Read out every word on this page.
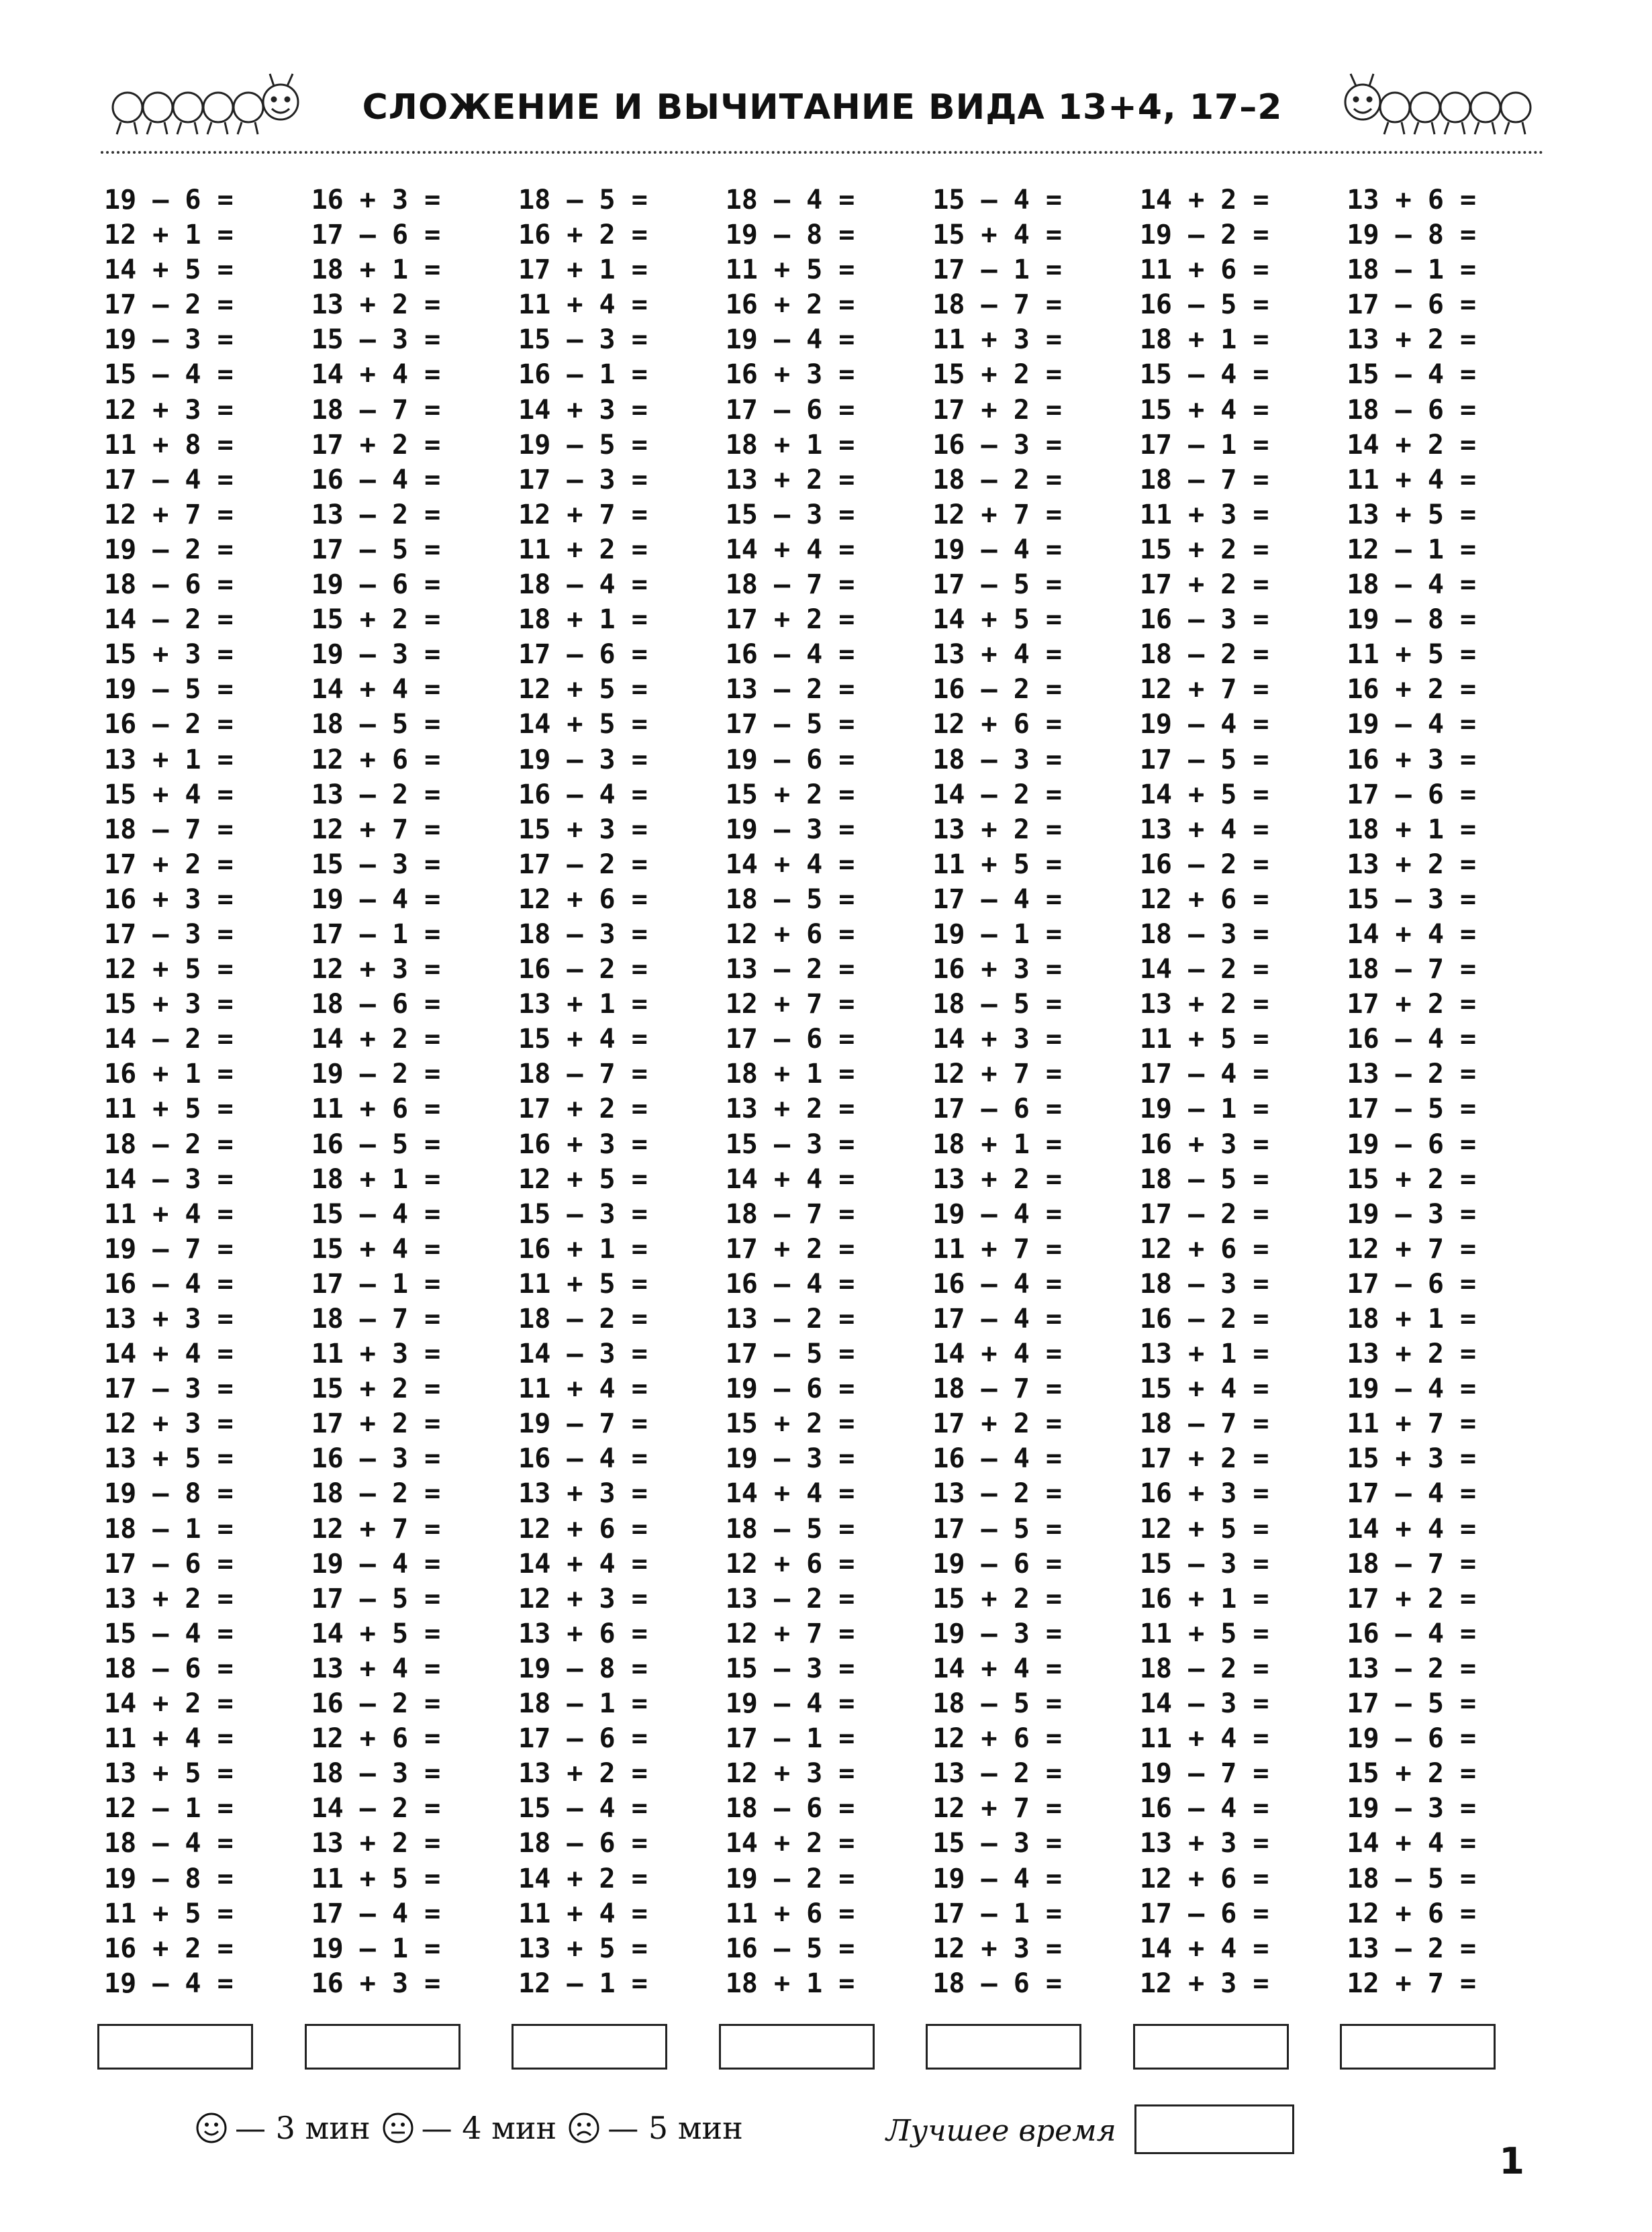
СЛОЖЕНИЕ И ВЫЧИТАНИЕ ВИДА 13+4, 17–2
19 – 6 =
12 + 1 =
14 + 5 =
17 – 2 =
19 – 3 =
15 – 4 =
12 + 3 =
11 + 8 =
17 – 4 =
12 + 7 =
19 – 2 =
18 – 6 =
14 – 2 =
15 + 3 =
19 – 5 =
16 – 2 =
13 + 1 =
15 + 4 =
18 – 7 =
17 + 2 =
16 + 3 =
17 – 3 =
12 + 5 =
15 + 3 =
14 – 2 =
16 + 1 =
11 + 5 =
18 – 2 =
14 – 3 =
11 + 4 =
19 – 7 =
16 – 4 =
13 + 3 =
14 + 4 =
17 – 3 =
12 + 3 =
13 + 5 =
19 – 8 =
18 – 1 =
17 – 6 =
13 + 2 =
15 – 4 =
18 – 6 =
14 + 2 =
11 + 4 =
13 + 5 =
12 – 1 =
18 – 4 =
19 – 8 =
11 + 5 =
16 + 2 =
19 – 4 =
16 + 3 =
17 – 6 =
18 + 1 =
13 + 2 =
15 – 3 =
14 + 4 =
18 – 7 =
17 + 2 =
16 – 4 =
13 – 2 =
17 – 5 =
19 – 6 =
15 + 2 =
19 – 3 =
14 + 4 =
18 – 5 =
12 + 6 =
13 – 2 =
12 + 7 =
15 – 3 =
19 – 4 =
17 – 1 =
12 + 3 =
18 – 6 =
14 + 2 =
19 – 2 =
11 + 6 =
16 – 5 =
18 + 1 =
15 – 4 =
15 + 4 =
17 – 1 =
18 – 7 =
11 + 3 =
15 + 2 =
17 + 2 =
16 – 3 =
18 – 2 =
12 + 7 =
19 – 4 =
17 – 5 =
14 + 5 =
13 + 4 =
16 – 2 =
12 + 6 =
18 – 3 =
14 – 2 =
13 + 2 =
11 + 5 =
17 – 4 =
19 – 1 =
16 + 3 =
18 – 5 =
16 + 2 =
17 + 1 =
11 + 4 =
15 – 3 =
16 – 1 =
14 + 3 =
19 – 5 =
17 – 3 =
12 + 7 =
11 + 2 =
18 – 4 =
18 + 1 =
17 – 6 =
12 + 5 =
14 + 5 =
19 – 3 =
16 – 4 =
15 + 3 =
17 – 2 =
12 + 6 =
18 – 3 =
16 – 2 =
13 + 1 =
15 + 4 =
18 – 7 =
17 + 2 =
16 + 3 =
12 + 5 =
15 – 3 =
16 + 1 =
11 + 5 =
18 – 2 =
14 – 3 =
11 + 4 =
19 – 7 =
16 – 4 =
13 + 3 =
12 + 6 =
14 + 4 =
12 + 3 =
13 + 6 =
19 – 8 =
18 – 1 =
17 – 6 =
13 + 2 =
15 – 4 =
18 – 6 =
14 + 2 =
11 + 4 =
13 + 5 =
12 – 1 =
18 – 4 =
19 – 8 =
11 + 5 =
16 + 2 =
19 – 4 =
16 + 3 =
17 – 6 =
18 + 1 =
13 + 2 =
15 – 3 =
14 + 4 =
18 – 7 =
17 + 2 =
16 – 4 =
13 – 2 =
17 – 5 =
19 – 6 =
15 + 2 =
19 – 3 =
14 + 4 =
18 – 5 =
12 + 6 =
13 – 2 =
12 + 7 =
17 – 6 =
18 + 1 =
13 + 2 =
15 – 3 =
14 + 4 =
18 – 7 =
17 + 2 =
16 – 4 =
13 – 2 =
17 – 5 =
19 – 6 =
15 + 2 =
19 – 3 =
14 + 4 =
18 – 5 =
12 + 6 =
13 – 2 =
12 + 7 =
15 – 3 =
19 – 4 =
17 – 1 =
12 + 3 =
18 – 6 =
14 + 2 =
19 – 2 =
11 + 6 =
16 – 5 =
18 + 1 =
15 – 4 =
15 + 4 =
17 – 1 =
18 – 7 =
11 + 3 =
15 + 2 =
17 + 2 =
16 – 3 =
18 – 2 =
12 + 7 =
19 – 4 =
17 – 5 =
14 + 5 =
13 + 4 =
16 – 2 =
12 + 6 =
18 – 3 =
14 – 2 =
13 + 2 =
11 + 5 =
17 – 4 =
19 – 1 =
16 + 3 =
18 – 5 =
14 + 3 =
12 + 7 =
17 – 6 =
18 + 1 =
13 + 2 =
19 – 4 =
11 + 7 =
16 – 4 =
17 – 4 =
14 + 4 =
18 – 7 =
17 + 2 =
16 – 4 =
13 – 2 =
17 – 5 =
19 – 6 =
15 + 2 =
19 – 3 =
14 + 4 =
18 – 5 =
12 + 6 =
13 – 2 =
12 + 7 =
15 – 3 =
19 – 4 =
17 – 1 =
12 + 3 =
18 – 6 =
14 + 2 =
19 – 2 =
11 + 6 =
16 – 5 =
18 + 1 =
15 – 4 =
15 + 4 =
17 – 1 =
18 – 7 =
11 + 3 =
15 + 2 =
17 + 2 =
16 – 3 =
18 – 2 =
12 + 7 =
19 – 4 =
17 – 5 =
14 + 5 =
13 + 4 =
16 – 2 =
12 + 6 =
18 – 3 =
14 – 2 =
13 + 2 =
11 + 5 =
17 – 4 =
19 – 1 =
16 + 3 =
18 – 5 =
17 – 2 =
12 + 6 =
18 – 3 =
16 – 2 =
13 + 1 =
15 + 4 =
18 – 7 =
17 + 2 =
16 + 3 =
12 + 5 =
15 – 3 =
16 + 1 =
11 + 5 =
18 – 2 =
14 – 3 =
11 + 4 =
19 – 7 =
16 – 4 =
13 + 3 =
12 + 6 =
17 – 6 =
14 + 4 =
12 + 3 =
13 + 6 =
19 – 8 =
18 – 1 =
17 – 6 =
13 + 2 =
15 – 4 =
18 – 6 =
14 + 2 =
11 + 4 =
13 + 5 =
12 – 1 =
18 – 4 =
19 – 8 =
11 + 5 =
16 + 2 =
19 – 4 =
16 + 3 =
17 – 6 =
18 + 1 =
13 + 2 =
15 – 3 =
14 + 4 =
18 – 7 =
17 + 2 =
16 – 4 =
13 – 2 =
17 – 5 =
19 – 6 =
15 + 2 =
19 – 3 =
12 + 7 =
17 – 6 =
18 + 1 =
13 + 2 =
19 – 4 =
11 + 7 =
15 + 3 =
17 – 4 =
14 + 4 =
18 – 7 =
17 + 2 =
16 – 4 =
13 – 2 =
17 – 5 =
19 – 6 =
15 + 2 =
19 – 3 =
14 + 4 =
18 – 5 =
12 + 6 =
13 – 2 =
12 + 7 =
— 3 мин — 4 мин — 5 мин	Лучшее время
1
